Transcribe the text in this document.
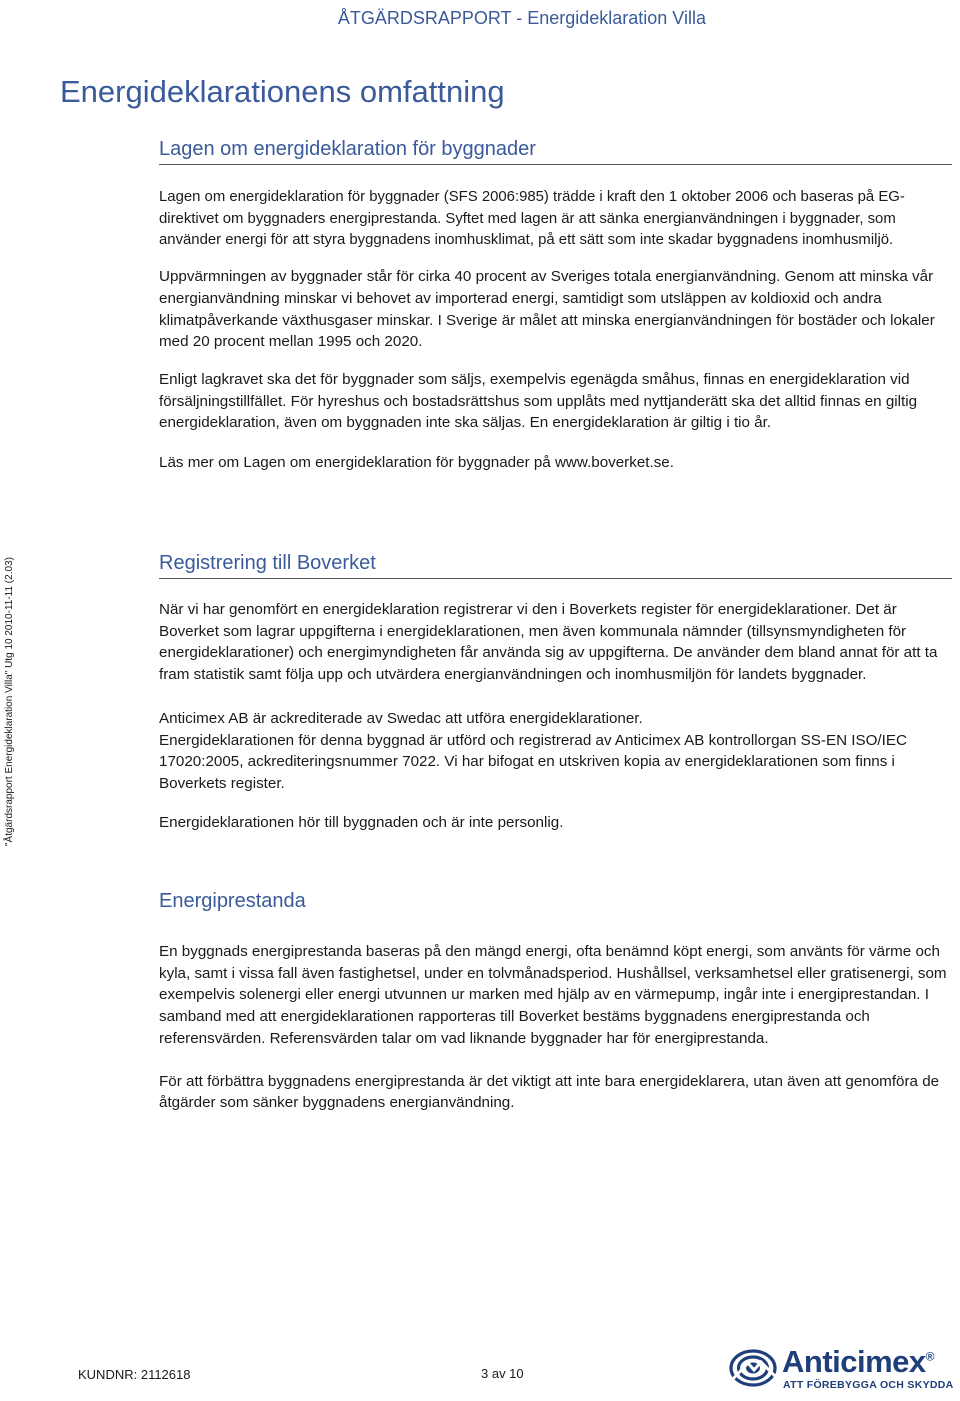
ÅTGÄRDSRAPPORT - Energideklaration Villa
Energideklarationens omfattning
"Åtgärdsrapport Energideklaration Villa" Utg 10 2010-11-11 (2.03)
Lagen om energideklaration för byggnader

Lagen om energideklaration för byggnader (SFS 2006:985) trädde i kraft den 1 oktober 2006 och baseras på EG-direktivet om byggnaders energiprestanda. Syftet med lagen är att sänka energianvändningen i byggnader, som använder energi för att styra byggnadens inomhusklimat, på ett sätt som inte skadar byggnadens inomhusmiljö.

Uppvärmningen av byggnader står för cirka 40 procent av Sveriges totala energianvändning. Genom att minska vår energianvändning minskar vi behovet av importerad energi, samtidigt som utsläppen av koldioxid och andra klimatpåverkande växthusgaser minskar. I Sverige är målet att minska energianvändningen för bostäder och lokaler med 20 procent mellan 1995 och 2020.

Enligt lagkravet ska det för byggnader som säljs, exempelvis egenägda småhus, finnas en energideklaration vid försäljningstillfället. För hyreshus och bostadsrättshus som upplåts med nyttjanderätt ska det alltid finnas en giltig energideklaration, även om byggnaden inte ska säljas. En energideklaration är giltig i tio år.

Läs mer om Lagen om energideklaration för byggnader på www.boverket.se.

Registrering till Boverket

När vi har genomfört en energideklaration registrerar vi den i Boverkets register för energideklarationer. Det är Boverket som lagrar uppgifterna i energideklarationen, men även kommunala nämnder (tillsynsmyndigheten för energideklarationer) och energimyndigheten får använda sig av uppgifterna. De använder dem bland annat för att ta fram statistik samt följa upp och utvärdera energianvändningen och inomhusmiljön för landets byggnader.

Anticimex AB är ackrediterade av Swedac att utföra energideklarationer.

Energideklarationen för denna byggnad är utförd och registrerad av Anticimex AB kontrollorgan SS-EN ISO/IEC 17020:2005, ackrediteringsnummer 7022. Vi har bifogat en utskriven kopia av energideklarationen som finns i Boverkets register.

Energideklarationen hör till byggnaden och är inte personlig.

Energiprestanda

En byggnads energiprestanda baseras på den mängd energi, ofta benämnd köpt energi, som använts för värme och kyla, samt i vissa fall även fastighetsel, under en tolvmånadsperiod. Hushållsel, verksamhetsel eller gratisenergi, som exempelvis solenergi eller energi utvunnen ur marken med hjälp av en värmepump, ingår inte i energiprestandan. I samband med att energideklarationen rapporteras till Boverket bestäms byggnadens energiprestanda och referensvärden. Referensvärden talar om vad liknande byggnader har för energiprestanda.

För att förbättra byggnadens energiprestanda är det viktigt att inte bara energideklarera, utan även att genomföra de åtgärder som sänker byggnadens energianvändning.

KUNDNR: 2112618	3 av 10	Anticimex®
ATT FÖREBYGGA OCH SKYDDA
